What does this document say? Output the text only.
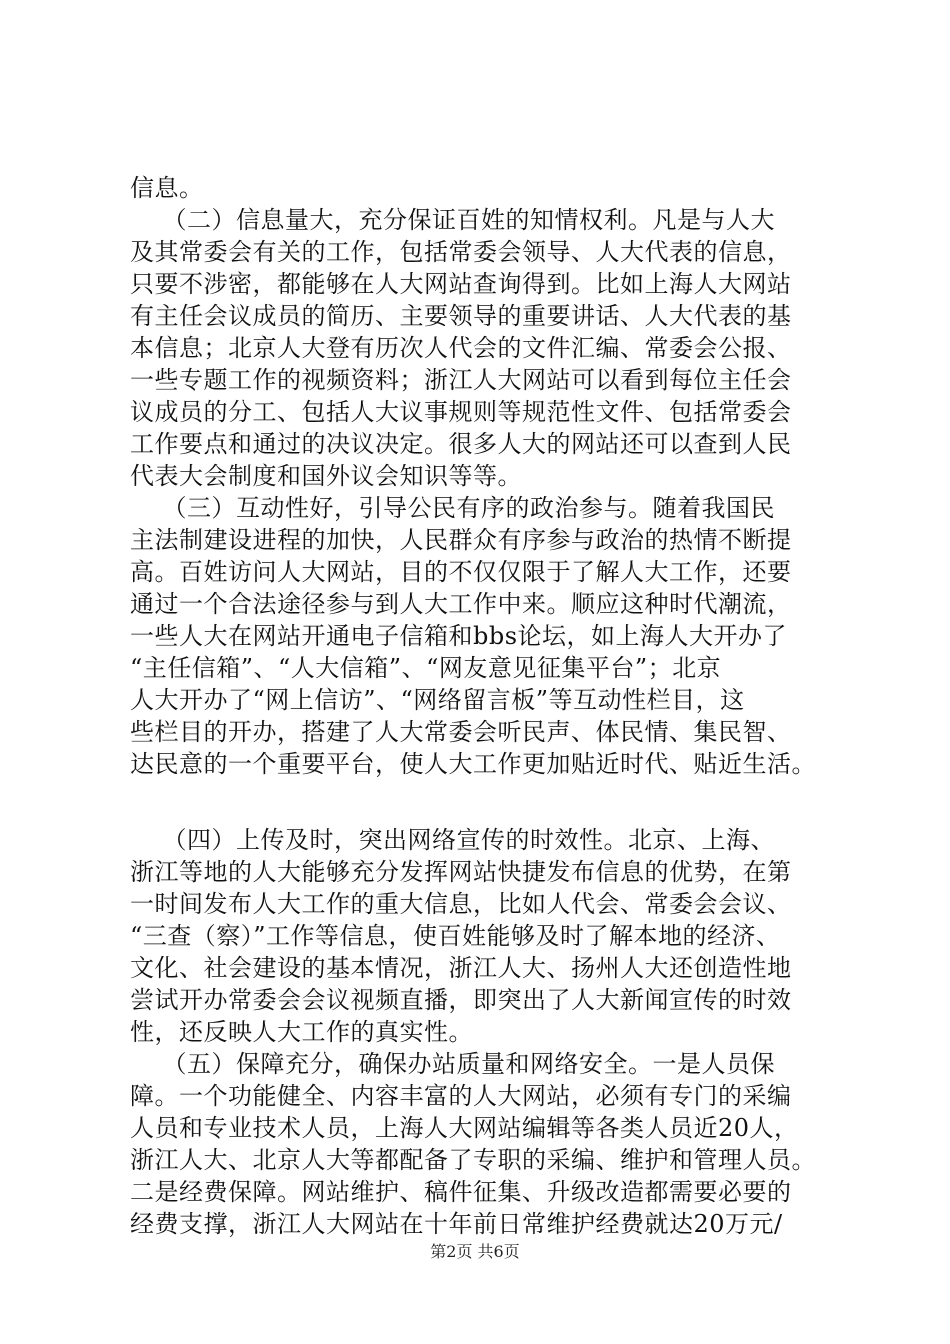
信息。
（二）信息量大，充分保证百姓的知情权利。凡是与人大
及其常委会有关的工作，包括常委会领导、人大代表的信息，
只要不涉密，都能够在人大网站查询得到。比如上海人大网站
有主任会议成员的简历、主要领导的重要讲话、人大代表的基
本信息；北京人大登有历次人代会的文件汇编、常委会公报、
一些专题工作的视频资料；浙江人大网站可以看到每位主任会
议成员的分工、包括人大议事规则等规范性文件、包括常委会
工作要点和通过的决议决定。很多人大的网站还可以查到人民
代表大会制度和国外议会知识等等。
（三）互动性好，引导公民有序的政治参与。随着我国民
主法制建设进程的加快，人民群众有序参与政治的热情不断提
高。百姓访问人大网站，目的不仅仅限于了解人大工作，还要
通过一个合法途径参与到人大工作中来。顺应这种时代潮流，
一些人大在网站开通电子信箱和bbs论坛，如上海人大开办了
“主任信箱”、“人大信箱”、“网友意见征集平台”；北京
人大开办了“网上信访”、“网络留言板”等互动性栏目，这
些栏目的开办，搭建了人大常委会听民声、体民情、集民智、
达民意的一个重要平台，使人大工作更加贴近时代、贴近生活。
（四）上传及时，突出网络宣传的时效性。北京、上海、
浙江等地的人大能够充分发挥网站快捷发布信息的优势，在第
一时间发布人大工作的重大信息，比如人代会、常委会会议、
“三查（察）”工作等信息，使百姓能够及时了解本地的经济、
文化、社会建设的基本情况，浙江人大、扬州人大还创造性地
尝试开办常委会会议视频直播，即突出了人大新闻宣传的时效
性，还反映人大工作的真实性。
（五）保障充分，确保办站质量和网络安全。一是人员保
障。一个功能健全、内容丰富的人大网站，必须有专门的采编
人员和专业技术人员，上海人大网站编辑等各类人员近20人，
浙江人大、北京人大等都配备了专职的采编、维护和管理人员。
二是经费保障。网站维护、稿件征集、升级改造都需要必要的
经费支撑，浙江人大网站在十年前日常维护经费就达20万元/
第2页 共6页
